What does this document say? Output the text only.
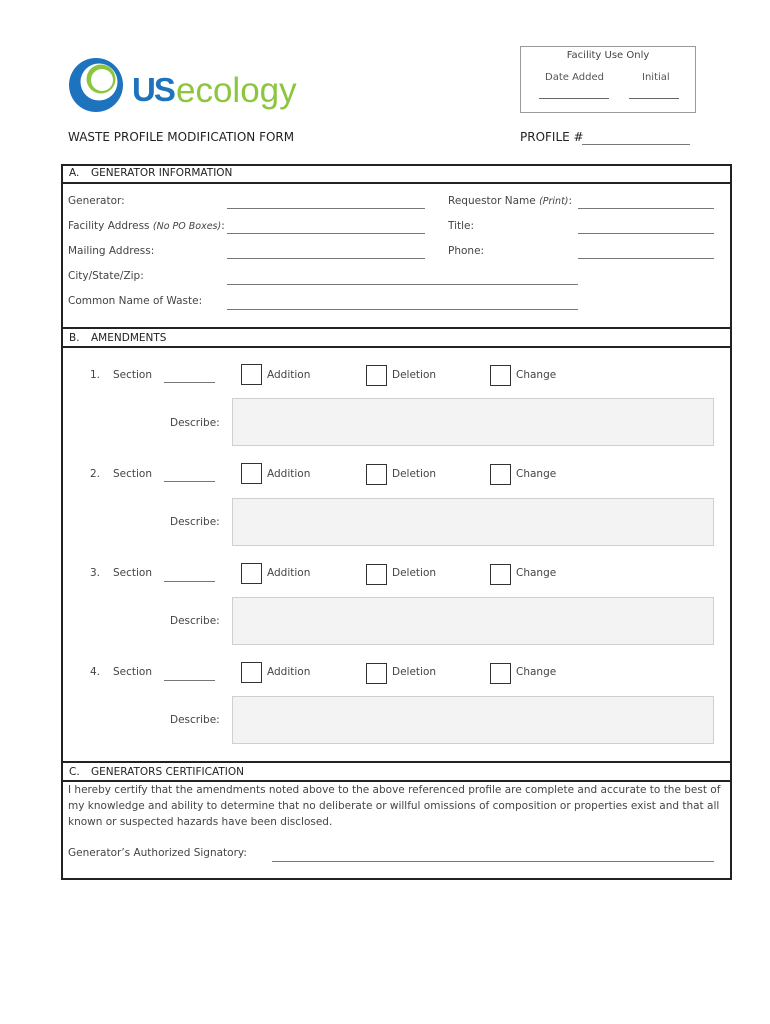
US ecology
Facility Use Only
Date Added	Initial
WASTE PROFILE MODIFICATION FORM	PROFILE #
A. GENERATOR INFORMATION
Generator:
Facility Address (No PO Boxes):
Mailing Address:
City/State/Zip:
Common Name of Waste:
Requestor Name (Print):
Title:
Phone:
B. AMENDMENTS
1. Section	Addition	Deletion	Change
Describe:
2. Section	Addition	Deletion	Change
Describe:
3. Section	Addition	Deletion	Change
Describe:
4. Section	Addition	Deletion	Change
Describe:
C. GENERATORS CERTIFICATION
I hereby certify that the amendments noted above to the above referenced profile are complete and accurate to the best of my knowledge and ability to determine that no deliberate or willful omissions of composition or properties exist and that all known or suspected hazards have been disclosed.
Generator’s Authorized Signatory:
